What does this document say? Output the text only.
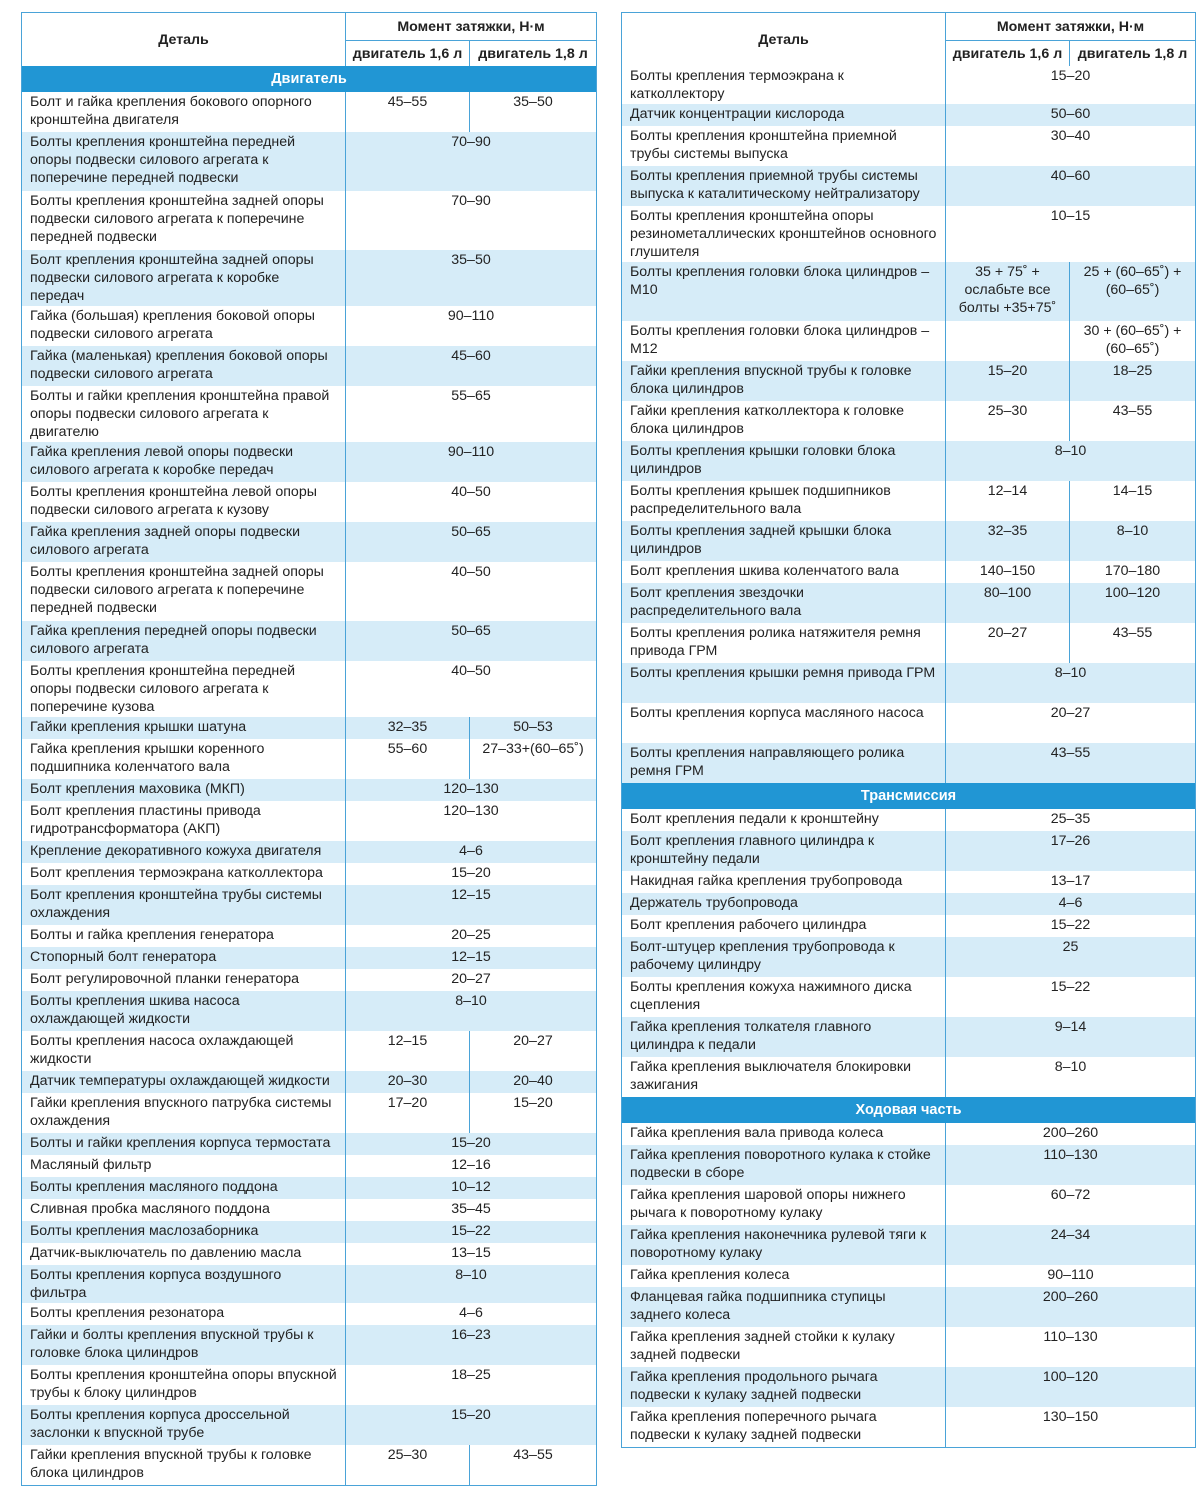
Деталь	Момент затяжки, Н·м	
	двигатель 1,6 л	двигатель 1,8 л
Двигатель		
Болт и гайка крепления бокового опорного кронштейна двигателя	45–55	35–50
Болты крепления кронштейна передней опоры подвески силового агрегата к поперечине передней подвески	70–90	
Болты крепления кронштейна задней опоры подвески силового агрегата к поперечине передней подвески	70–90	
Болт крепления кронштейна задней опоры подвески силового агрегата к коробке передач	35–50	
Гайка (большая) крепления боковой опоры подвески силового агрегата	90–110	
Гайка (маленькая) крепления боковой опоры подвески силового агрегата	45–60	
Болты и гайки крепления кронштейна правой опоры подвески силового агрегата к двигателю	55–65	
Гайка крепления левой опоры подвески силового агрегата к коробке передач	90–110	
Болты крепления кронштейна левой опоры подвески силового агрегата к кузову	40–50	
Гайка крепления задней опоры подвески силового агрегата	50–65	
Болты крепления кронштейна задней опоры подвески силового агрегата к поперечине передней подвески	40–50	
Гайка крепления передней опоры подвески силового агрегата	50–65	
Болты крепления кронштейна передней опоры подвески силового агрегата к поперечине кузова	40–50	
Гайки крепления крышки шатуна	32–35	50–53
Гайка крепления крышки коренного подшипника коленчатого вала	55–60	27–33+(60–65˚)
Болт крепления маховика (МКП)	120–130	
Болт крепления пластины привода гидротрансформатора (АКП)	120–130	
Крепление декоративного кожуха двигателя	4–6	
Болт крепления термоэкрана катколлектора	15–20	
Болт крепления кронштейна трубы системы охлаждения	12–15	
Болты и гайка крепления генератора	20–25	
Стопорный болт генератора	12–15	
Болт регулировочной планки генератора	20–27	
Болты крепления шкива насоса охлаждающей жидкости	8–10	
Болты крепления насоса охлаждающей жидкости	12–15	20–27
Датчик температуры охлаждающей жидкости	20–30	20–40
Гайки крепления впускного патрубка системы охлаждения	17–20	15–20
Болты и гайки крепления корпуса термостата	15–20	
Масляный фильтр	12–16	
Болты крепления масляного поддона	10–12	
Сливная пробка масляного поддона	35–45	
Болты крепления маслозаборника	15–22	
Датчик-выключатель по давлению масла	13–15	
Болты крепления корпуса воздушного фильтра	8–10	
Болты крепления резонатора	4–6	
Гайки и болты крепления впускной трубы к головке блока цилиндров	16–23	
Болты крепления кронштейна опоры впускной трубы к блоку цилиндров	18–25	
Болты крепления корпуса дроссельной заслонки к впускной трубе	15–20	
Гайки крепления впускной трубы к головке блока цилиндров	25–30	43–55
Деталь	Момент затяжки, Н·м	
	двигатель 1,6 л	двигатель 1,8 л
Болты крепления термоэкрана к катколлектору	15–20	
Датчик концентрации кислорода	50–60	
Болты крепления кронштейна приемной трубы системы выпуска	30–40	
Болты крепления приемной трубы системы выпуска к каталитическому нейтрализатору	40–60	
Болты крепления кронштейна опоры резинометаллических кронштейнов основного глушителя	10–15	
Болты крепления головки блока цилиндров – М10	35 + 75˚ + ослабьте все болты +35+75˚	25 + (60–65˚) + (60–65˚)
Болты крепления головки блока цилиндров – М12		30 + (60–65˚) + (60–65˚)
Гайки крепления впускной трубы к головке блока цилиндров	15–20	18–25
Гайки крепления катколлектора к головке блока цилиндров	25–30	43–55
Болты крепления крышки головки блока цилиндров	8–10	
Болты крепления крышек подшипников распределительного вала	12–14	14–15
Болты крепления задней крышки блока цилиндров	32–35	8–10
Болт крепления шкива коленчатого вала	140–150	170–180
Болт крепления звездочки распределительного вала	80–100	100–120
Болты крепления ролика натяжителя ремня привода ГРМ	20–27	43–55
Болты крепления крышки ремня привода ГРМ	8–10	
Болты крепления корпуса масляного насоса	20–27	
Болты крепления направляющего ролика ремня ГРМ	43–55	
Трансмиссия		
Болт крепления педали к кронштейну	25–35	
Болт крепления главного цилиндра к кронштейну педали	17–26	
Накидная гайка крепления трубопровода	13–17	
Держатель трубопровода	4–6	
Болт крепления рабочего цилиндра	15–22	
Болт-штуцер крепления трубопровода к рабочему цилиндру	25	
Болты крепления кожуха нажимного диска сцепления	15–22	
Гайка крепления толкателя главного цилиндра к педали	9–14	
Гайка крепления выключателя блокировки зажигания	8–10	
Ходовая часть		
Гайка крепления вала привода колеса	200–260	
Гайка крепления поворотного кулака к стойке подвески в сборе	110–130	
Гайка крепления шаровой опоры нижнего рычага к поворотному кулаку	60–72	
Гайка крепления наконечника рулевой тяги к поворотному кулаку	24–34	
Гайка крепления колеса	90–110	
Фланцевая гайка подшипника ступицы заднего колеса	200–260	
Гайка крепления задней стойки к кулаку задней подвески	110–130	
Гайка крепления продольного рычага подвески к кулаку задней подвески	100–120	
Гайка крепления поперечного рычага подвески к кулаку задней подвески	130–150	
